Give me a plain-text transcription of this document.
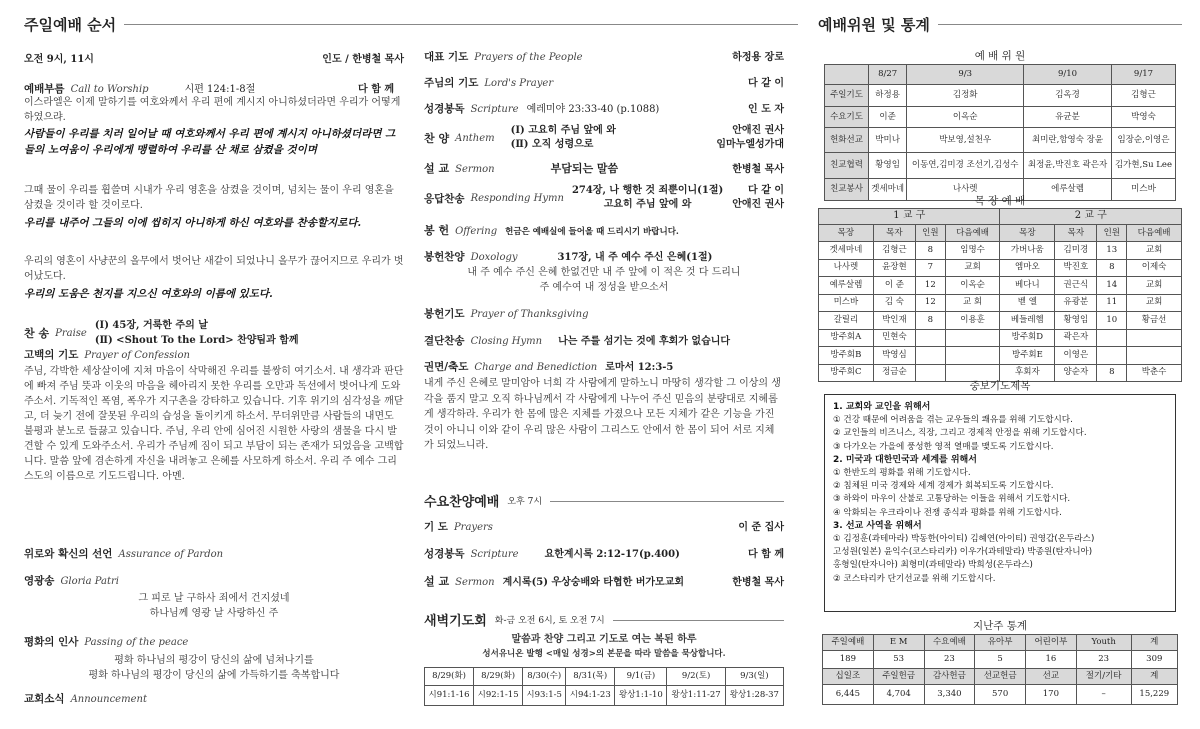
주일예배 순서
오전 9시, 11시	인도 / 한병철 목사
예배부름 Call to Worship	시편 124:1-8절	다 함 께
이스라엘은 이제 말하기를 여호와께서 우리 편에 계시지 아니하셨더라면 우리가 어떻게 하였으랴.
사람들이 우리를 치러 일어날 때 여호와께서 우리 편에 계시지 아니하셨더라면 그들의 노여움이 우리에게 맹렬하여 우리를 산 채로 삼켰을 것이며
그때 물이 우리를 휩쓸며 시내가 우리 영혼을 삼켰을 것이며, 넘치는 물이 우리 영혼을 삼켰을 것이라 할 것이로다.
우리를 내주어 그들의 이에 씹히지 아니하게 하신 여호와를 찬송할지로다.
우리의 영혼이 사냥꾼의 올무에서 벗어난 새같이 되었나니 올무가 끊어지므로 우리가 벗어났도다.
우리의 도움은 천지를 지으신 여호와의 이름에 있도다.
찬 송 Praise
(Ⅰ) 45장, 거룩한 주의 날
(Ⅱ) <Shout To the Lord> 찬양팀과 함께
고백의 기도 Prayer of Confession
주님, 각박한 세상살이에 지쳐 마음이 삭막해진 우리를 불쌍히 여기소서. 내 생각과 판단에 빠져 주님 뜻과 이웃의 마음을 헤아리지 못한 우리를 오만과 독선에서 벗어나게 도와주소서. 기독적인 폭염, 폭우가 지구촌을 강타하고 있습니다. 기후 위기의 심각성을 깨닫고, 더 늦기 전에 잘못된 우리의 습성을 돌이키게 하소서. 무더위만큼 사람들의 내면도 불평과 분노로 들끓고 있습니다. 주님, 우리 안에 심어진 시원한 사랑의 샘물을 다시 발견할 수 있게 도와주소서. 우리가 주님께 짐이 되고 부담이 되는 존재가 되었음을 고백합니다. 말씀 앞에 겸손하게 자신을 내려놓고 은혜를 사모하게 하소서. 우리 주 예수 그리스도의 이름으로 기도드립니다. 아멘.
위로와 확신의 선언 Assurance of Pardon
영광송 Gloria Patri
그 피로 날 구하사 죄에서 건지셨네
하나님께 영광 날 사랑하신 주
평화의 인사 Passing of the peace
평화 하나님의 평강이 당신의 삶에 넘쳐나기를
평화 하나님의 평강이 당신의 삶에 가득하기를 축복합니다
교회소식 Announcement
대표 기도 Prayers of the People	하정용 장로
주님의 기도 Lord's Prayer	다 같 이
성경봉독 Scripture 예레미야 23:33-40 (p.1088)	인 도 자
찬 양 Anthem
(Ⅰ) 고요히 주님 앞에 와
(Ⅱ) 오직 성령으로
안애진 권사
임마누엘성가대
설 교 Sermon	부담되는 말씀	한병철 목사
응답찬송 Responding Hymn
274장, 나 행한 것 죄뿐이니(1절)
고요히 주님 앞에 와
다 같 이
안애진 권사
봉 헌 Offering 헌금은 예배실에 들어올 때 드리시기 바랍니다.
봉헌찬양 Doxology	317장, 내 주 예수 주신 은혜(1절)
내 주 예수 주신 은혜 한없건만 내 주 앞에 이 적은 것 다 드리니
주 예수여 내 정성을 받으소서
봉헌기도 Prayer of Thanksgiving
결단찬송 Closing Hymn 나는 주를 섬기는 것에 후회가 없습니다
권면/축도 Charge and Benediction 로마서 12:3-5
내게 주신 은혜로 말미암아 너희 각 사람에게 말하노니 마땅히 생각할 그 이상의 생각을 품지 말고 오직 하나님께서 각 사람에게 나누어 주신 믿음의 분량대로 지혜롭게 생각하라. 우리가 한 몸에 많은 지체를 가졌으나 모든 지체가 같은 기능을 가진 것이 아니니 이와 같이 우리 많은 사람이 그리스도 안에서 한 몸이 되어 서로 지체가 되었느니라.
수요찬양예배 오후 7시
기 도 Prayers	이 준 집사
성경봉독 Scripture	요한계시록 2:12-17(p.400)	다 함 께
설 교 Sermon 계시록(5) 우상숭배와 타협한 버가모교회	한병철 목사
새벽기도회 화-금 오전 6시, 토 오전 7시
말씀과 찬양 그리고 기도로 여는 복된 하루
성서유니온 발행 <매일 성경>의 본문을 따라 말씀을 묵상합니다.
8/29(화)	8/29(화)	8/30(수)	8/31(목)	9/1(금)	9/2(토)	9/3(일)
시91:1-16	시92:1-15	시93:1-5	시94:1-23	왕상1:1-10	왕상1:11-27	왕상1:28-37
예배위원 및 통계
예 배 위 원
	8/27	9/3	9/10	9/17
주일기도	하정용	김정화	김옥경	김형근
수요기도	이준	이옥순	유균분	박영숙
헌화선교	박미나	박보영,설천우	최미란,함영숙 장윤	임장순,이영은
친교협력	황영임	이동연,김미경 조선기,김성수	최정윤,박진호 곽은자	김가현,Su Lee
친교봉사	겟세마네	나사렛	에루살렘	미스바
목 장 예 배
1 교 구				2 교 구			
목장	목자	인원	다음예배	목장	목자	인원	다음예배
겟세마네	김형근	8	임명수	가버나움	김미경	13	교회
나사렛	윤장현	7	교회	엠마오	박진호	8	이제숙
예루살렘	이 준	12	이옥순	베다니	권근식	14	교회
미스바	김 숙	12	교 회	벧 엘	유광분	11	교회
갈릴리	박인재	8	이용훈	베들레헴	황영임	10	황금선
방주회A	민현숙			방주회D	곽은자		
방주회B	박영심			방주회E	이영은		
방주회C	정금순			후회자	양순자	8	박춘수
중보기도제목
1. 교회와 교인을 위해서
① 건강 때문에 어려움을 겪는 교우들의 쾌유를 위해 기도합시다.
② 교인들의 비즈니스, 직장, 그리고 경제적 안정을 위해 기도합시다.
③ 다가오는 가을에 풍성한 영적 열매를 맺도록 기도합시다.
2. 미국과 대한민국과 세계를 위해서
① 한반도의 평화를 위해 기도합시다.
② 침체된 미국 경제와 세계 경제가 회복되도록 기도합시다.
③ 하와이 마우이 산불로 고통당하는 이들을 위해서 기도합시다.
④ 악화되는 우크라이나 전쟁 종식과 평화를 위해 기도합시다.
3. 선교 사역을 위해서
① 김정훈(과테마라) 박동한(아이티) 김혜연(아이티) 권영갑(온두라스)
고성원(일본) 윤익수(코스타리카) 이우가(과테말라) 박종원(탄자니아)
홍형일(탄자니아) 최형미(과테말라) 박희성(온두라스)
② 코스타리카 단기선교를 위해 기도합시다.
지난주 통계
주일예배	E M	수요예배	유아부	어린이부	Youth	계
189	53	23	5	16	23	309
십일조	주일헌금	감사헌금	선교헌금	선교	절기/기타	계
6,445	4,704	3,340	570	170	–	15,229
